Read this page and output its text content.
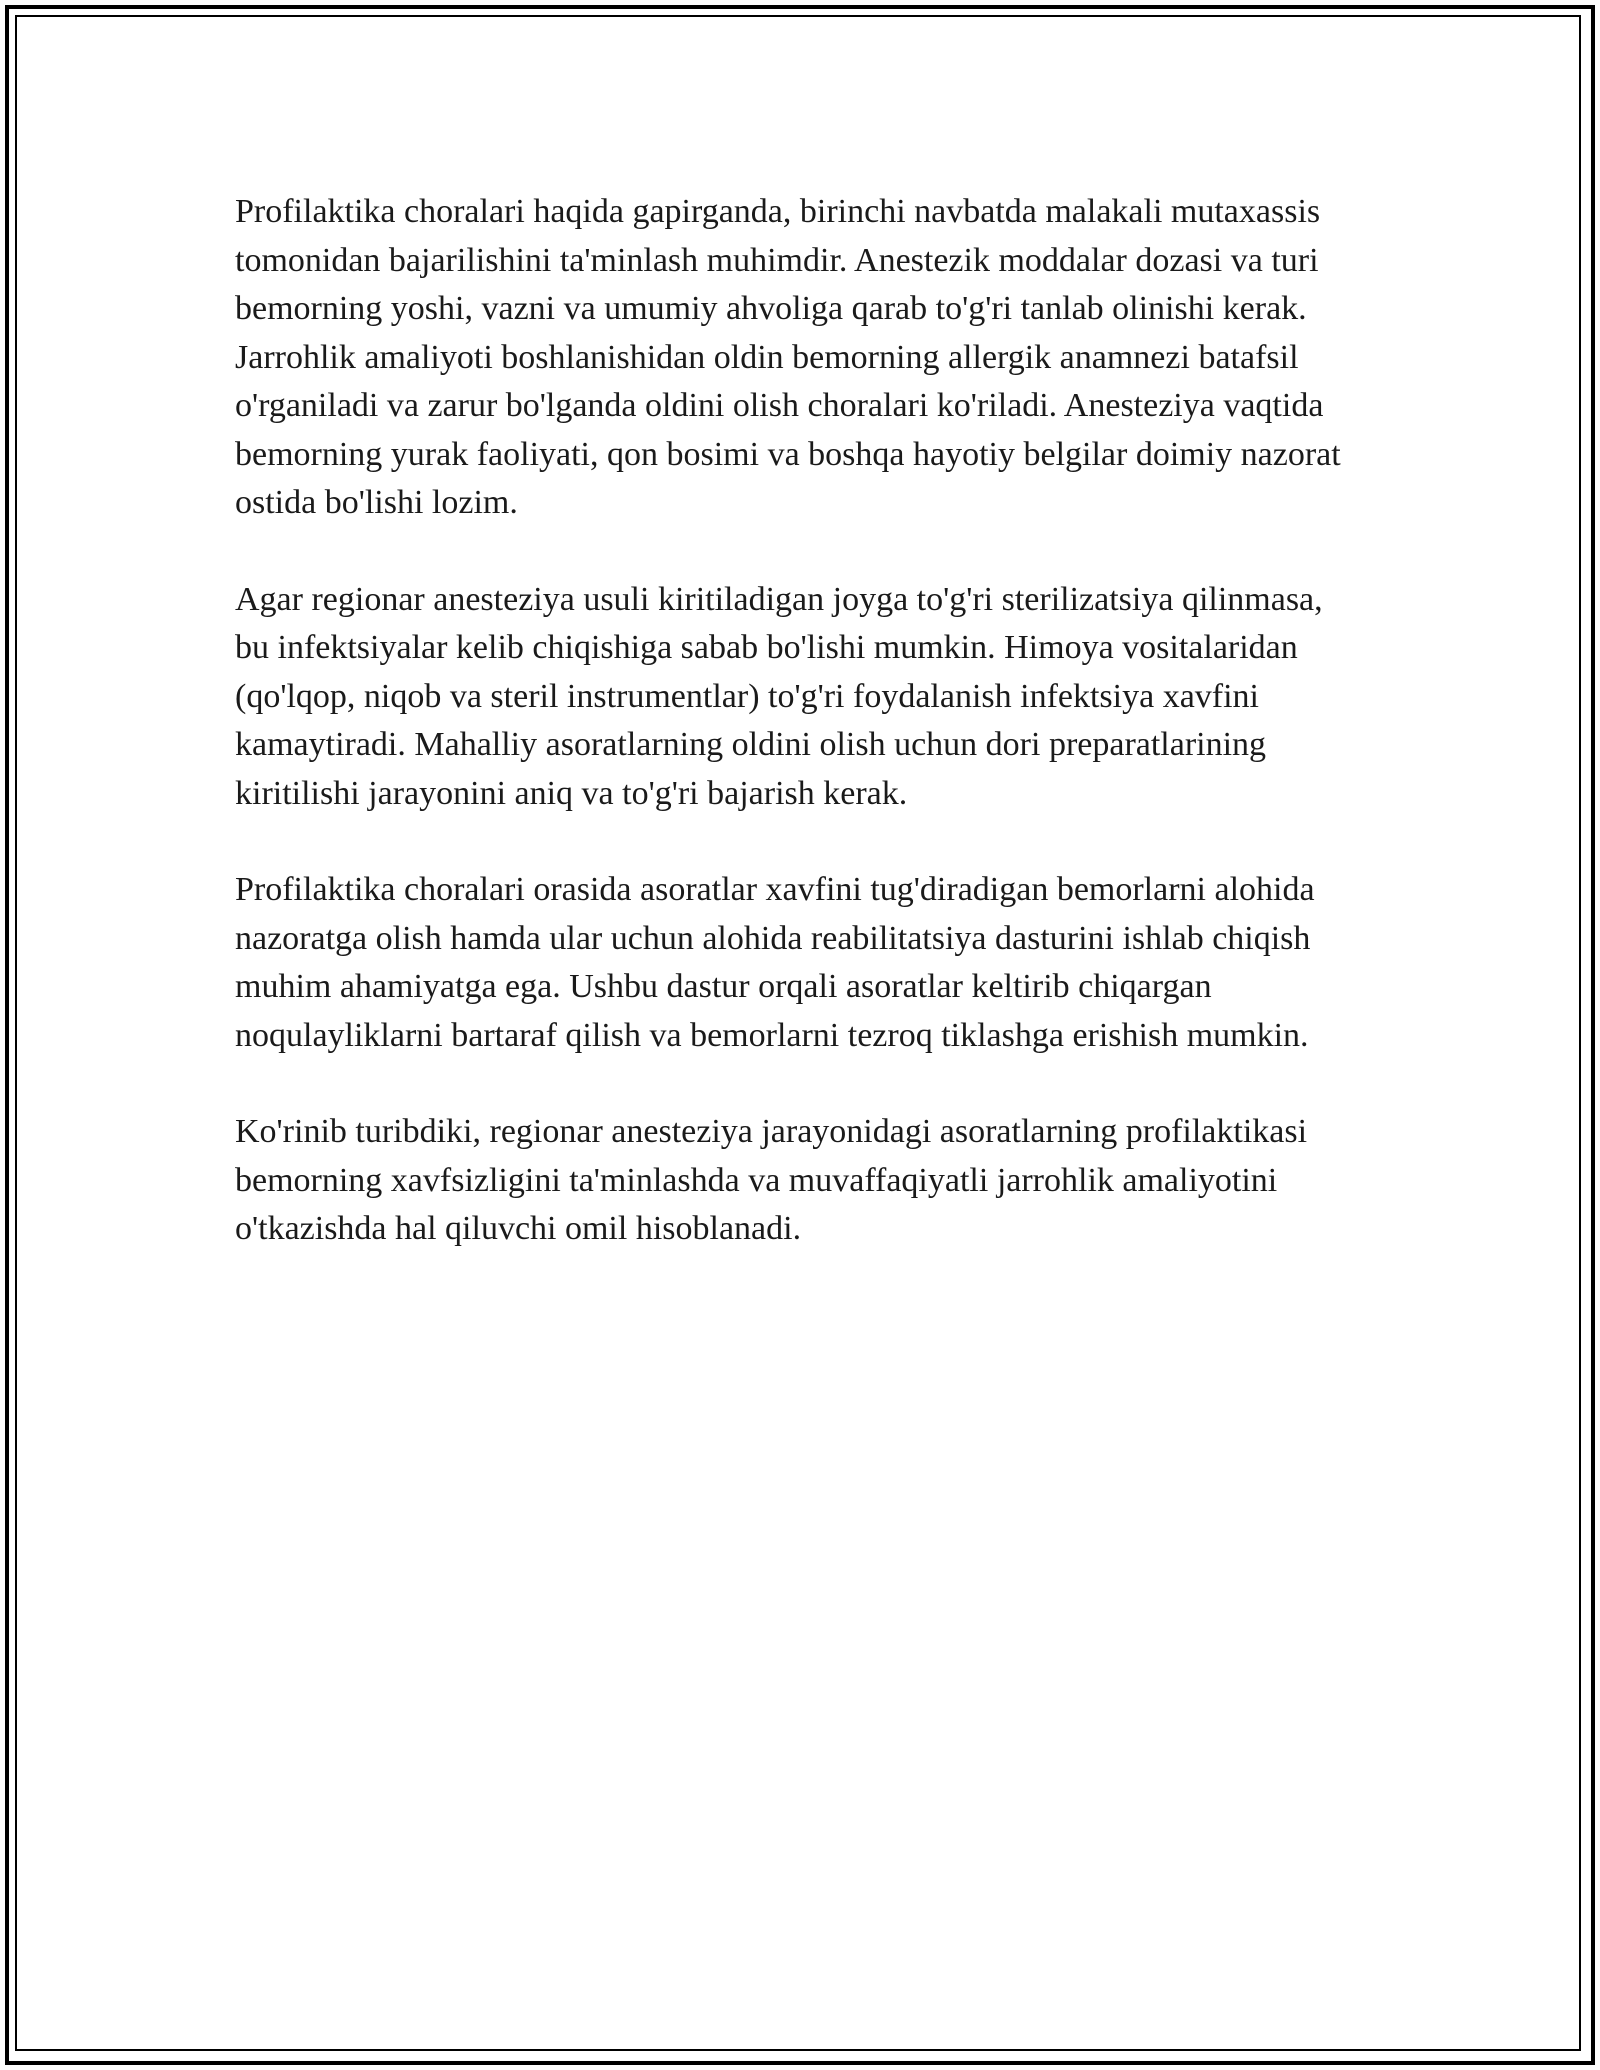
Profilaktika choralari haqida gapirganda, birinchi navbatda malakali mutaxassis tomonidan bajarilishini ta'minlash muhimdir. Anestezik moddalar dozasi va turi bemorning yoshi, vazni va umumiy ahvoliga qarab to'g'ri tanlab olinishi kerak. Jarrohlik amaliyoti boshlanishidan oldin bemorning allergik anamnezi batafsil o'rganiladi va zarur bo'lganda oldini olish choralari ko'riladi. Anesteziya vaqtida bemorning yurak faoliyati, qon bosimi va boshqa hayotiy belgilar doimiy nazorat ostida bo'lishi lozim.

Agar regionar anesteziya usuli kiritiladigan joyga to'g'ri sterilizatsiya qilinmasa, bu infektsiyalar kelib chiqishiga sabab bo'lishi mumkin. Himoya vositalaridan (qo'lqop, niqob va steril instrumentlar) to'g'ri foydalanish infektsiya xavfini kamaytiradi. Mahalliy asoratlarning oldini olish uchun dori preparatlarining kiritilishi jarayonini aniq va to'g'ri bajarish kerak.

Profilaktika choralari orasida asoratlar xavfini tug'diradigan bemorlarni alohida nazoratga olish hamda ular uchun alohida reabilitatsiya dasturini ishlab chiqish muhim ahamiyatga ega. Ushbu dastur orqali asoratlar keltirib chiqargan noqulayliklarni bartaraf qilish va bemorlarni tezroq tiklashga erishish mumkin.

Ko'rinib turibdiki, regionar anesteziya jarayonidagi asoratlarning profilaktikasi bemorning xavfsizligini ta'minlashda va muvaffaqiyatli jarrohlik amaliyotini o'tkazishda hal qiluvchi omil hisoblanadi.
